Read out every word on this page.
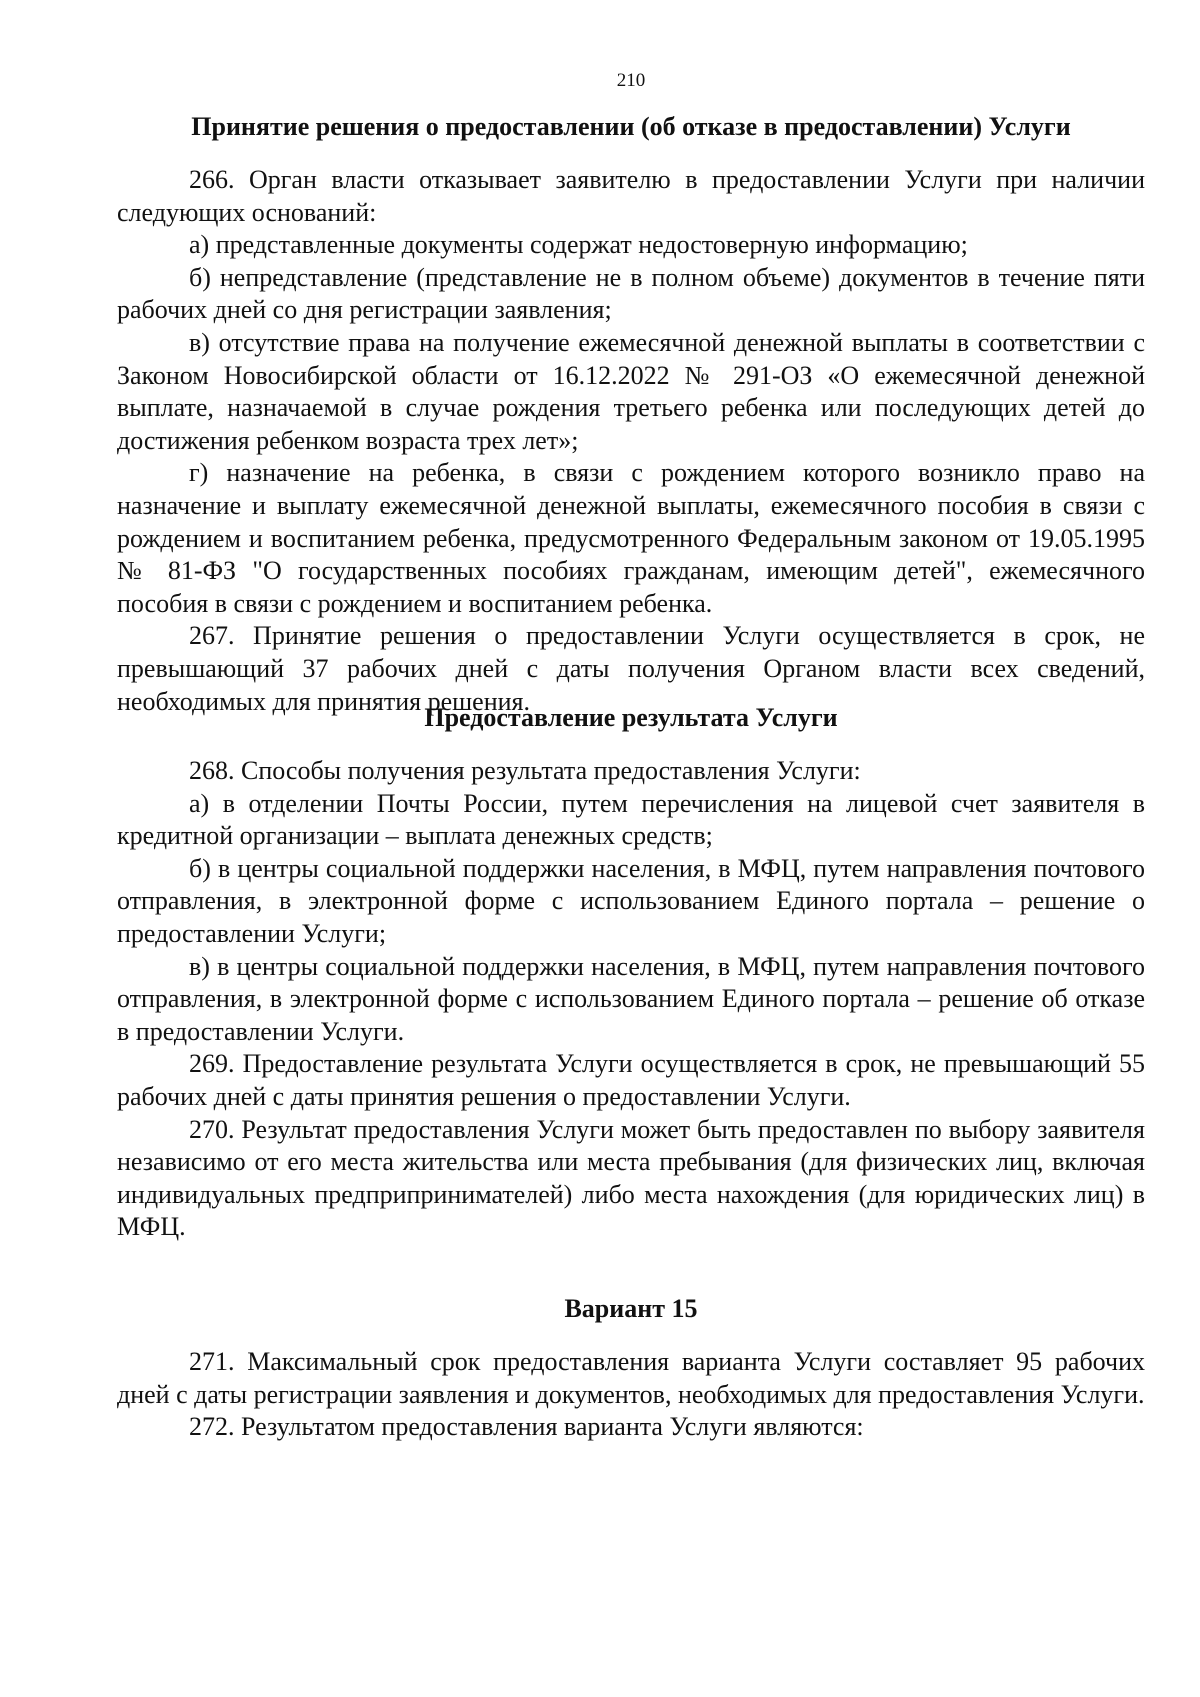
210
Принятие решения о предоставлении (об отказе в предоставлении) Услуги

266. Орган власти отказывает заявителю в предоставлении Услуги при наличии следующих оснований:

а) представленные документы содержат недостоверную информацию;

б) непредставление (представление не в полном объеме) документов в течение пяти рабочих дней со дня регистрации заявления;

в) отсутствие права на получение ежемесячной денежной выплаты в соответствии с Законом Новосибирской области от 16.12.2022 № 291-ОЗ «О ежемесячной денежной выплате, назначаемой в случае рождения третьего ребенка или последующих детей до достижения ребенком возраста трех лет»;

г) назначение на ребенка, в связи с рождением которого возникло право на назначение и выплату ежемесячной денежной выплаты, ежемесячного пособия в связи с рождением и воспитанием ребенка, предусмотренного Федеральным законом от 19.05.1995 № 81-ФЗ "О государственных пособиях гражданам, имеющим детей", ежемесячного пособия в связи с рождением и воспитанием ребенка.

267. Принятие решения о предоставлении Услуги осуществляется в срок, не превышающий 37 рабочих дней с даты получения Органом власти всех сведений, необходимых для принятия решения.

Предоставление результата Услуги

268. Способы получения результата предоставления Услуги:

а) в отделении Почты России, путем перечисления на лицевой счет заявителя в кредитной организации – выплата денежных средств;

б) в центры социальной поддержки населения, в МФЦ, путем направления почтового отправления, в электронной форме с использованием Единого портала – решение о предоставлении Услуги;

в) в центры социальной поддержки населения, в МФЦ, путем направления почтового отправления, в электронной форме с использованием Единого портала – решение об отказе в предоставлении Услуги.

269. Предоставление результата Услуги осуществляется в срок, не превышающий 55 рабочих дней с даты принятия решения о предоставлении Услуги.

270. Результат предоставления Услуги может быть предоставлен по выбору заявителя независимо от его места жительства или места пребывания (для физических лиц, включая индивидуальных предприпринимателей) либо места нахождения (для юридических лиц) в МФЦ.

Вариант 15

271. Максимальный срок предоставления варианта Услуги составляет 95 рабочих дней с даты регистрации заявления и документов, необходимых для предоставления Услуги.

272. Результатом предоставления варианта Услуги являются:
